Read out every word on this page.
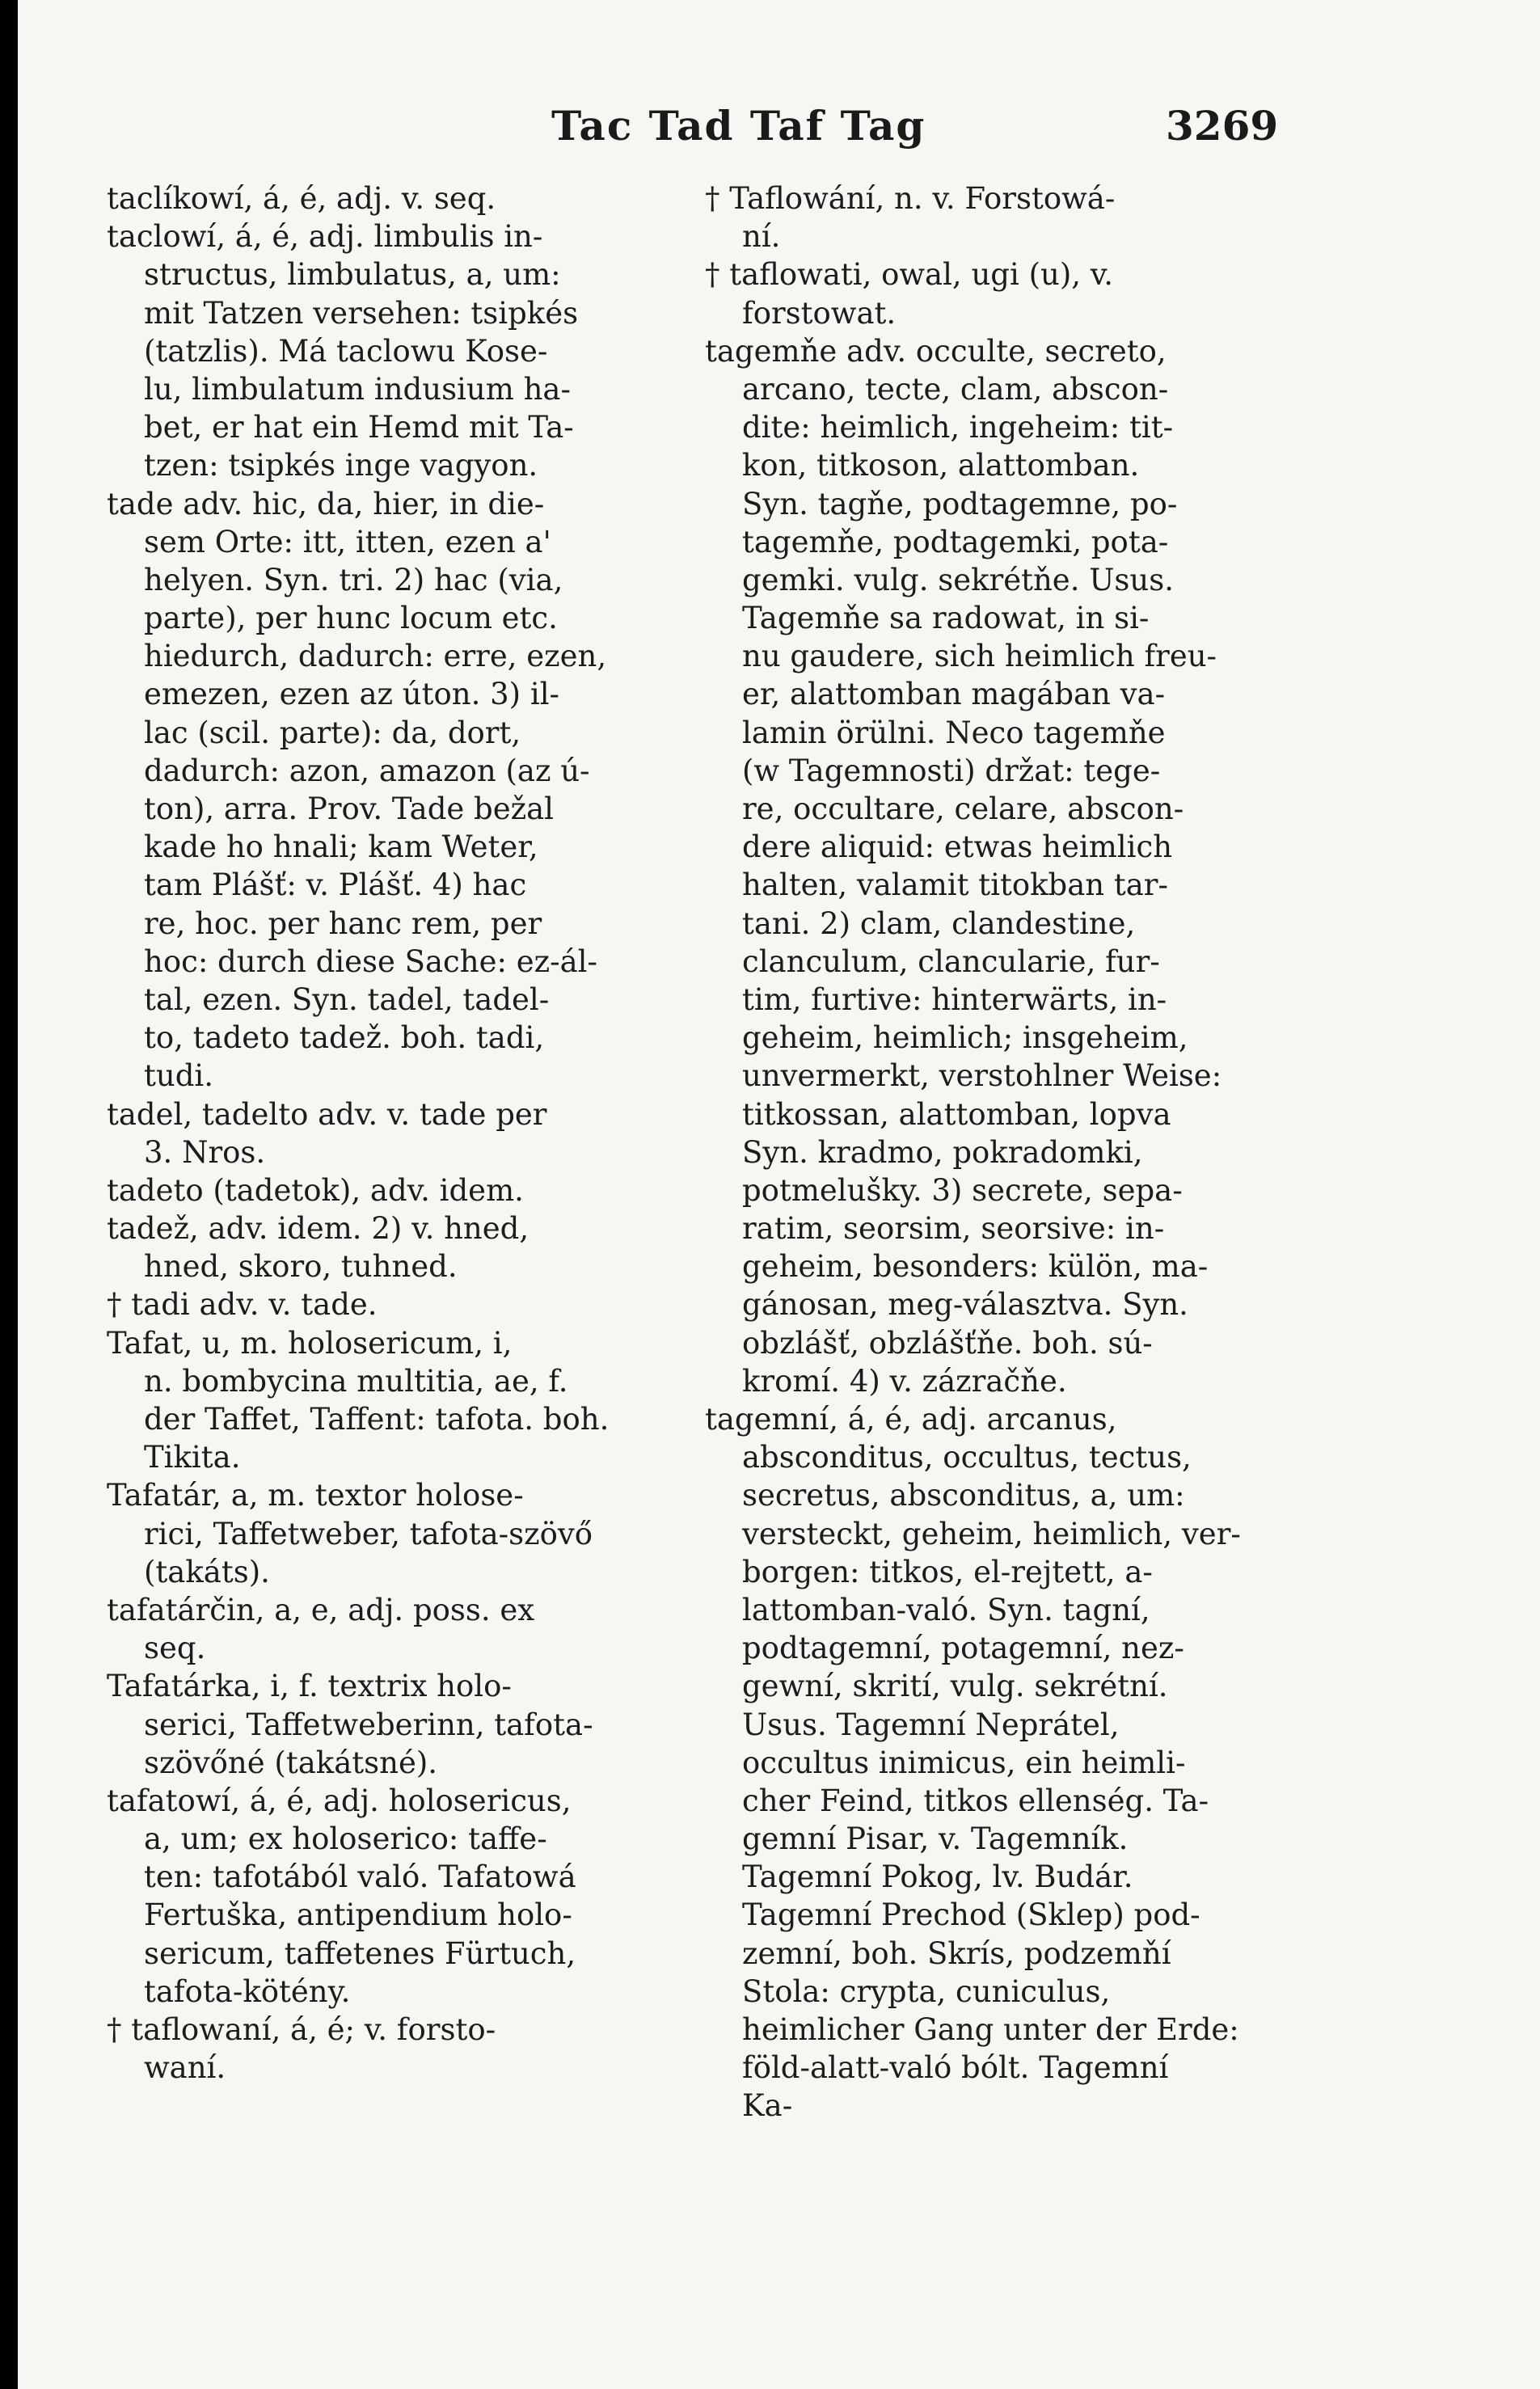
Tac Tad Taf Tag	3269
taclíkowí, á, é, adj. v. seq.
taclowí, á, é, adj. limbulis in-
structus, limbulatus, a, um:
mit Tatzen versehen: tsipkés
(tatzlis). Má taclowu Kose-
lu, limbulatum indusium ha-
bet, er hat ein Hemd mit Ta-
tzen: tsipkés inge vagyon.
tade adv. hic, da, hier, in die-
sem Orte: itt, itten, ezen a'
helyen. Syn. tri. 2) hac (via,
parte), per hunc locum etc.
hiedurch, dadurch: erre, ezen,
emezen, ezen az úton. 3) il-
lac (scil. parte): da, dort,
dadurch: azon, amazon (az ú-
ton), arra. Prov. Tade bežal
kade ho hnali; kam Weter,
tam Plášť: v. Plášť. 4) hac
re, hoc. per hanc rem, per
hoc: durch diese Sache: ez-ál-
tal, ezen. Syn. tadel, tadel-
to, tadeto tadež. boh. tadi,
tudi.
tadel, tadelto adv. v. tade per
3. Nros.
tadeto (tadetok), adv. idem.
tadež, adv. idem. 2) v. hned,
hned, skoro, tuhned.
† tadi adv. v. tade.
Tafat, u, m. holosericum, i,
n. bombycina multitia, ae, f.
der Taffet, Taffent: tafota. boh.
Tikita.
Tafatár, a, m. textor holose-
rici, Taffetweber, tafota-szövő
(takáts).
tafatárčin, a, e, adj. poss. ex
seq.
Tafatárka, i, f. textrix holo-
serici, Taffetweberinn, tafota-
szövőné (takátsné).
tafatowí, á, é, adj. holosericus,
a, um; ex holoserico: taffe-
ten: tafotából való. Tafatowá
Fertuška, antipendium holo-
sericum, taffetenes Fürtuch,
tafota-kötény.
† taflowaní, á, é; v. forsto-
waní.
† Taflowání, n. v. Forstowá-
ní.
† taflowati, owal, ugi (u), v.
forstowat.
tagemňe adv. occulte, secreto,
arcano, tecte, clam, abscon-
dite: heimlich, ingeheim: tit-
kon, titkoson, alattomban.
Syn. tagňe, podtagemne, po-
tagemňe, podtagemki, pota-
gemki. vulg. sekrétňe. Usus.
Tagemňe sa radowat, in si-
nu gaudere, sich heimlich freu-
er, alattomban magában va-
lamin örülni. Neco tagemňe
(w Tagemnosti) držat: tege-
re, occultare, celare, abscon-
dere aliquid: etwas heimlich
halten, valamit titokban tar-
tani. 2) clam, clandestine,
clanculum, clancularie, fur-
tim, furtive: hinterwärts, in-
geheim, heimlich; insgeheim,
unvermerkt, verstohlner Weise:
titkossan, alattomban, lopva
Syn. kradmo, pokradomki,
potmelušky. 3) secrete, sepa-
ratim, seorsim, seorsive: in-
geheim, besonders: külön, ma-
gánosan, meg-választva. Syn.
obzlášť, obzlášťňe. boh. sú-
kromí. 4) v. zázračňe.
tagemní, á, é, adj. arcanus,
absconditus, occultus, tectus,
secretus, absconditus, a, um:
versteckt, geheim, heimlich, ver-
borgen: titkos, el-rejtett, a-
lattomban-való. Syn. tagní,
podtagemní, potagemní, nez-
gewní, skrití, vulg. sekrétní.
Usus. Tagemní Neprátel,
occultus inimicus, ein heimli-
cher Feind, titkos ellenség. Ta-
gemní Pisar, v. Tagemník.
Tagemní Pokog, lv. Budár.
Tagemní Prechod (Sklep) pod-
zemní, boh. Skrís, podzemňí
Stola: crypta, cuniculus,
heimlicher Gang unter der Erde:
föld-alatt-való bólt. Tagemní
Ka-
